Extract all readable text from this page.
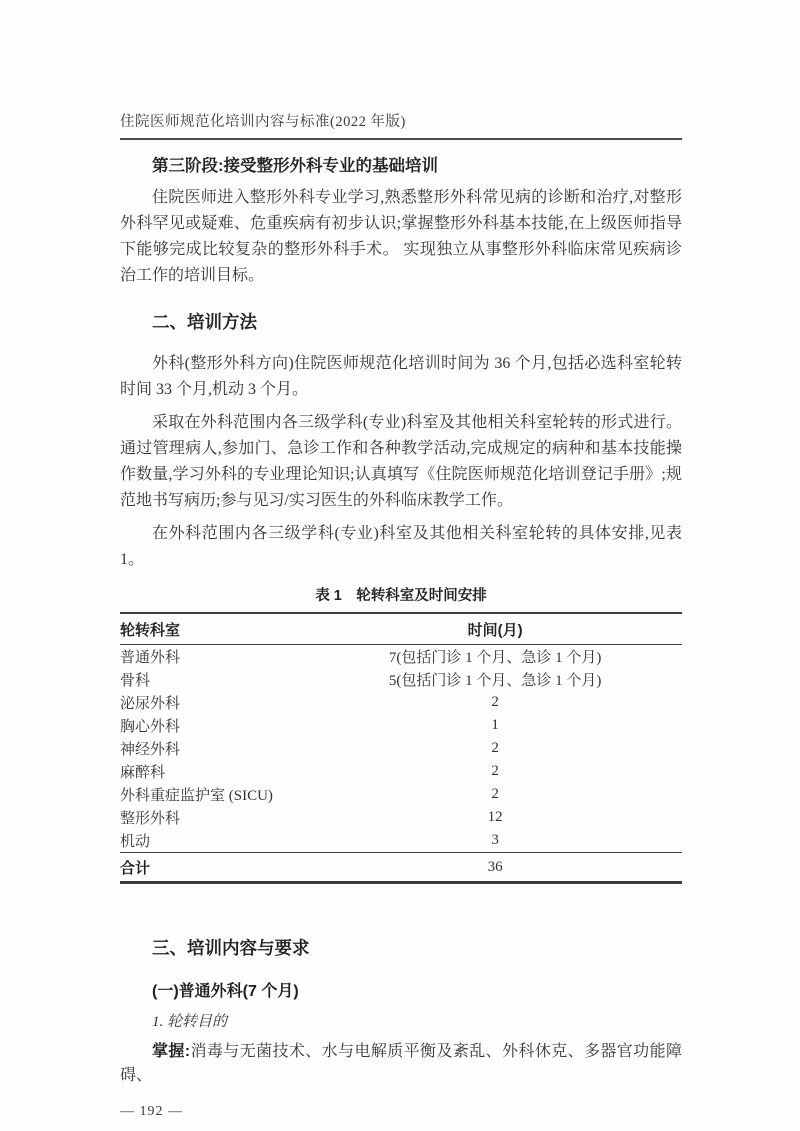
住院医师规范化培训内容与标准(2022 年版)
第三阶段:接受整形外科专业的基础培训

住院医师进入整形外科专业学习,熟悉整形外科常见病的诊断和治疗,对整形外科罕见或疑难、危重疾病有初步认识;掌握整形外科基本技能,在上级医师指导下能够完成比较复杂的整形外科手术。 实现独立从事整形外科临床常见疾病诊治工作的培训目标。

二、培训方法

外科(整形外科方向)住院医师规范化培训时间为 36 个月,包括必选科室轮转时间 33 个月,机动 3 个月。

采取在外科范围内各三级学科(专业)科室及其他相关科室轮转的形式进行。通过管理病人,参加门、急诊工作和各种教学活动,完成规定的病种和基本技能操作数量,学习外科的专业理论知识;认真填写《住院医师规范化培训登记手册》;规范地书写病历;参与见习/实习医生的外科临床教学工作。

在外科范围内各三级学科(专业)科室及其他相关科室轮转的具体安排,见表 1。

表 1　轮转科室及时间安排
轮转科室	时间(月)
普通外科	7(包括门诊 1 个月、急诊 1 个月)
骨科	5(包括门诊 1 个月、急诊 1 个月)
泌尿外科	2
胸心外科	1
神经外科	2
麻醉科	2
外科重症监护室 (SICU)	2
整形外科	12
机动	3
合计	36
三、培训内容与要求
(一)普通外科(7 个月)
1. 轮转目的

掌握:消毒与无菌技术、水与电解质平衡及紊乱、外科休克、多器官功能障碍、

— 192 —
